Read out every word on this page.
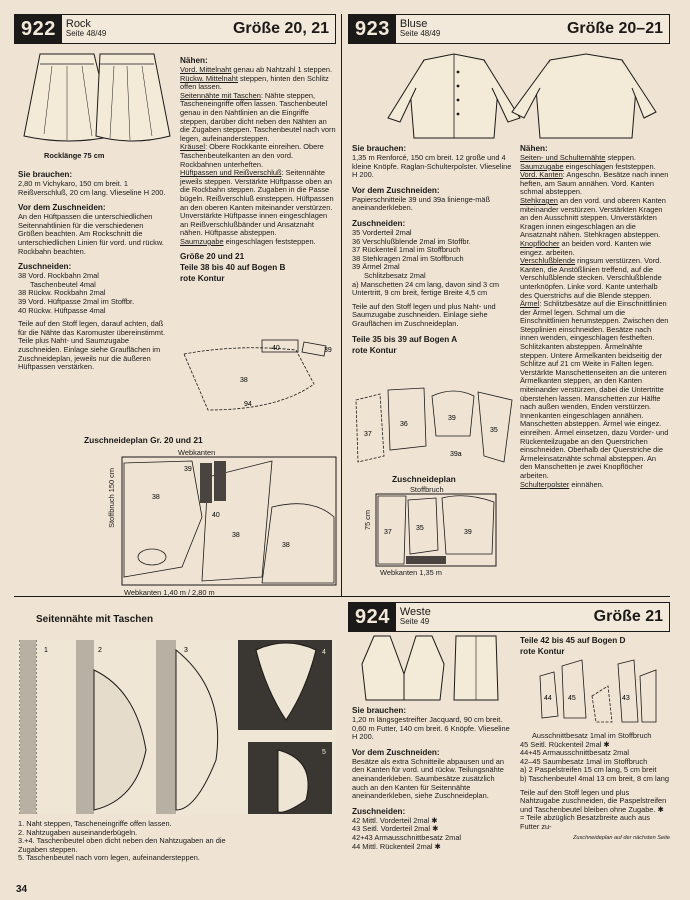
922 Rock
Seite 48/49	Größe 20, 21	923 Bluse
Seite 48/49	Größe 20–21
924 Weste
Seite 49	Größe 21
Rocklänge 75 cm
Sie brauchen:

2,80 m Vichykaro, 150 cm breit. 1 Reißverschluß, 20 cm lang. Vlieseline H 200.

Vor dem Zuschneiden:

An den Hüftpassen die unterschiedlichen Seitennahtlinien für die verschiedenen Größen beachten. Am Rockschnitt die unterschiedlichen Linien für vord. und rückw. Rockbahn beachten.

Zuschneiden:

38 Vord. Rockbahn 2mal

Taschenbeutel 4mal

38 Rückw. Rockbahn 2mal

39 Vord. Hüftpasse 2mal im Stoffbr.

40 Rückw. Hüftpasse 4mal

Teile auf den Stoff legen, darauf achten, daß für die Nähte das Karomuster übereinstimmt. Teile plus Naht- und Saumzugabe zuschneiden. Einlage siehe Grauflächen im Zuschneideplan, jeweils nur die äußeren Hüftpassen verstärken.

Nähen:

Vord. Mittelnaht genau ab Nahtzahl 1 steppen.

Rückw. Mittelnaht steppen, hinten den Schlitz offen lassen.

Seitennähte mit Taschen: Nähte steppen, Tascheneingriffe offen lassen. Taschenbeutel genau in den Nahtlinien an die Eingriffe steppen, darüber dicht neben den Nähten an die Zugaben steppen. Taschenbeutel nach vorn legen, aufeinandersteppen.

Kräusel: Obere Rockkante einreihen. Obere Taschenbeutelkanten an den vord. Rockbahnen unterheften.

Hüftpassen und Reißverschluß: Seitennähte jeweils steppen. Verstärkte Hüftpasse oben an die Rockbahn steppen. Zugaben in die Passe bügeln. Reißverschluß einsteppen. Hüftpassen an den oberen Kanten miteinander verstürzen. Unverstärkte Hüftpasse innen eingeschlagen an Reißverschlußbänder und Ansatznaht nähen. Hüftpasse absteppen.

Saumzugabe eingeschlagen feststeppen.

Größe 20 und 21
Teile 38 bis 40 auf Bogen B
rote Kontur
38
40	39
94
Zuschneideplan Gr. 20 und 21
Webkanten
38
38
40
39
38
Stoffbruch 150 cm
Webkanten 1,40 m / 2,80 m
Sie brauchen:

1,35 m Renforcé, 150 cm breit. 12 große und 4 kleine Knöpfe. Raglan-Schulterpolster. Vlieseline H 200.

Vor dem Zuschneiden:

Papierschnitteile 39 und 39a linienge-mäß aneinanderkleben.

Zuschneiden:

35 Vorderteil 2mal

36 Verschlußblende 2mal im Stoffbr.

37 Rückenteil 1mal im Stoffbruch

38 Stehkragen 2mal im Stoffbruch

39 Ärmel 2mal

Schlitzbesatz 2mal

a) Manschetten 24 cm lang, davon sind 3 cm Untertritt, 9 cm breit, fertige Breite 4,5 cm

Teile auf den Stoff legen und plus Naht- und Saumzugabe zuschneiden. Einlage siehe Grauflächen im Zuschneideplan.

Teile 35 bis 39 auf Bogen A
rote Kontur
37
36
39
35
39a
Zuschneideplan
Stoffbruch
37
35
39
75 cm
Webkanten 1,35 m
Nähen:

Seiten- und Schulternähte steppen. Saumzugabe eingeschlagen feststeppen.

Vord. Kanten: Angeschn. Besätze nach innen heften, am Saum annähen. Vord. Kanten schmal absteppen.

Stehkragen an den vord. und oberen Kanten miteinander verstürzen. Verstärkten Kragen an den Ausschnitt steppen. Unverstärkten Kragen innen eingeschlagen an die Ansatznaht nähen. Stehkragen absteppen. Knopflöcher an beiden vord. Kanten wie eingez. arbeiten.

Verschlußblende ringsum verstürzen. Vord. Kanten, die Anstößlinien treffend, auf die Verschlußblende stecken. Verschlußblende unterknöpfen. Linke vord. Kante unterhalb des Querstrichs auf die Blende steppen.

Ärmel: Schlitzbesätze auf die Einschnittlinien der Ärmel legen. Schmal um die Einschnittlinien herumsteppen. Zwischen den Stepplinien einschneiden. Besätze nach innen wenden, eingeschlagen festheften. Schlitzkanten absteppen. Ärmelnähte steppen. Untere Ärmelkanten beidseitig der Schlitze auf 21 cm Weite in Falten legen. Verstärkte Manschettenseiten an die unteren Ärmelkanten steppen, an den Kanten miteinander verstürzen, dabei die Untertritte überstehen lassen. Manschetten zur Hälfte nach außen wenden, Enden verstürzen. Innenkanten eingeschlagen annähen. Manschetten absteppen. Ärmel wie eingez. einreihen. Ärmel einsetzen, dazu Vorder- und Rückenteilzugabe an den Querstrichen einschneiden. Oberhalb der Querstriche die Ärmeleinsatznähte schmal absteppen. An den Manschetten je zwei Knopflöcher arbeiten.

Schulterpolster einnähen.

Seitennähte mit Taschen
1	2	3	4
5

1. Naht steppen, Tascheneingriffe offen lassen.

2. Nahtzugaben auseinanderbügeln.

3.+4. Taschenbeutel oben dicht neben den Nahtzugaben an die Zugaben steppen.

5. Taschenbeutel nach vorn legen, aufeinandersteppen.

Sie brauchen:

1,20 m längsgestreifter Jacquard, 90 cm breit. 0,60 m Futter, 140 cm breit. 6 Knöpfe. Vlieseline H 200.

Vor dem Zuschneiden:

Besätze als extra Schnitteile abpausen und an den Kanten für vord. und rückw. Teilungsnähte aneinanderkleben. Saumbesätze zusätzlich auch an den Kanten für Seitennähte aneinanderkleben, siehe Zuschneideplan.

Zuschneiden:

42 Mittl. Vorderteil 2mal ✱

43 Seitl. Vorderteil 2mal ✱

42+43 Armausschnittbesatz 2mal

44 Mittl. Rückenteil 2mal ✱

Teile 42 bis 45 auf Bogen D
rote Kontur
44 45	43

Ausschnittbesatz 1mal im Stoffbruch

45 Seitl. Rückenteil 2mal ✱

44+45 Armausschnittbesatz 2mal

42–45 Saumbesatz 1mal im Stoffbruch

a) 2 Paspelstreifen 15 cm lang, 5 cm breit

b) Taschenbeutel 4mal 13 cm breit, 8 cm lang

Teile auf den Stoff legen und plus Nahtzugabe zuschneiden, die Paspelstreifen und Taschenbeutel bleiben ohne Zugabe. ✱ = Teile abzüglich Besatzbreite auch aus Futter zu-

Zuschneideplan auf der nächsten Seite

34
